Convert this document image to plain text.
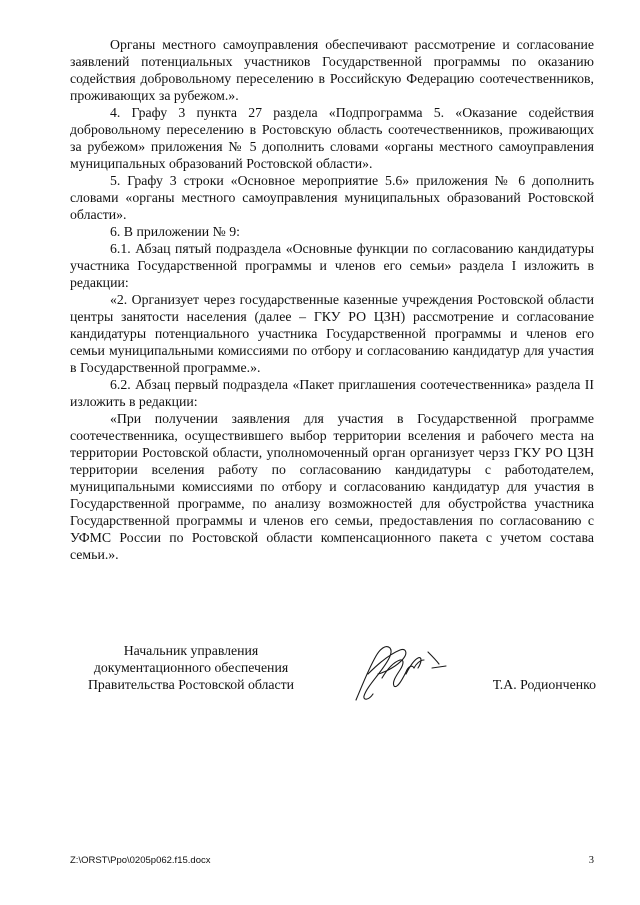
Органы местного самоуправления обеспечивают рассмотрение и согласование заявлений потенциальных участников Государственной программы по оказанию содействия добровольному переселению в Российскую Федерацию соотечественников, проживающих за рубежом.».

4. Графу 3 пункта 27 раздела «Подпрограмма 5. «Оказание содействия добровольному переселению в Ростовскую область соотечественников, проживающих за рубежом» приложения № 5 дополнить словами «органы местного самоуправления муниципальных образований Ростовской области».

5. Графу 3 строки «Основное мероприятие 5.6» приложения № 6 дополнить словами «органы местного самоуправления муниципальных образований Ростовской области».

6. В приложении № 9:

6.1. Абзац пятый подраздела «Основные функции по согласованию кандидатуры участника Государственной программы и членов его семьи» раздела I изложить в редакции:

«2. Организует через государственные казенные учреждения Ростовской области центры занятости населения (далее – ГКУ РО ЦЗН) рассмотрение и согласование кандидатуры потенциального участника Государственной программы и членов его семьи муниципальными комиссиями по отбору и согласованию кандидатур для участия в Государственной программе.».

6.2. Абзац первый подраздела «Пакет приглашения соотечественника» раздела II изложить в редакции:

«При получении заявления для участия в Государственной программе соотечественника, осуществившего выбор территории вселения и рабочего места на территории Ростовской области, уполномоченный орган организует черзз ГКУ РО ЦЗН территории вселения работу по согласованию кандидатуры с работодателем, муниципальными комиссиями по отбору и согласованию кандидатур для участия в Государственной программе, по анализу возможностей для обустройства участника Государственной программы и членов его семьи, предоставления по согласованию с УФМС России по Ростовской области компенсационного пакета с учетом состава семьи.».

Начальник управления
документационного обеспечения
Правительства Ростовской области	Т.А. Родионченко
Z:\ORST\Ppo\0205p062.f15.docx	3
